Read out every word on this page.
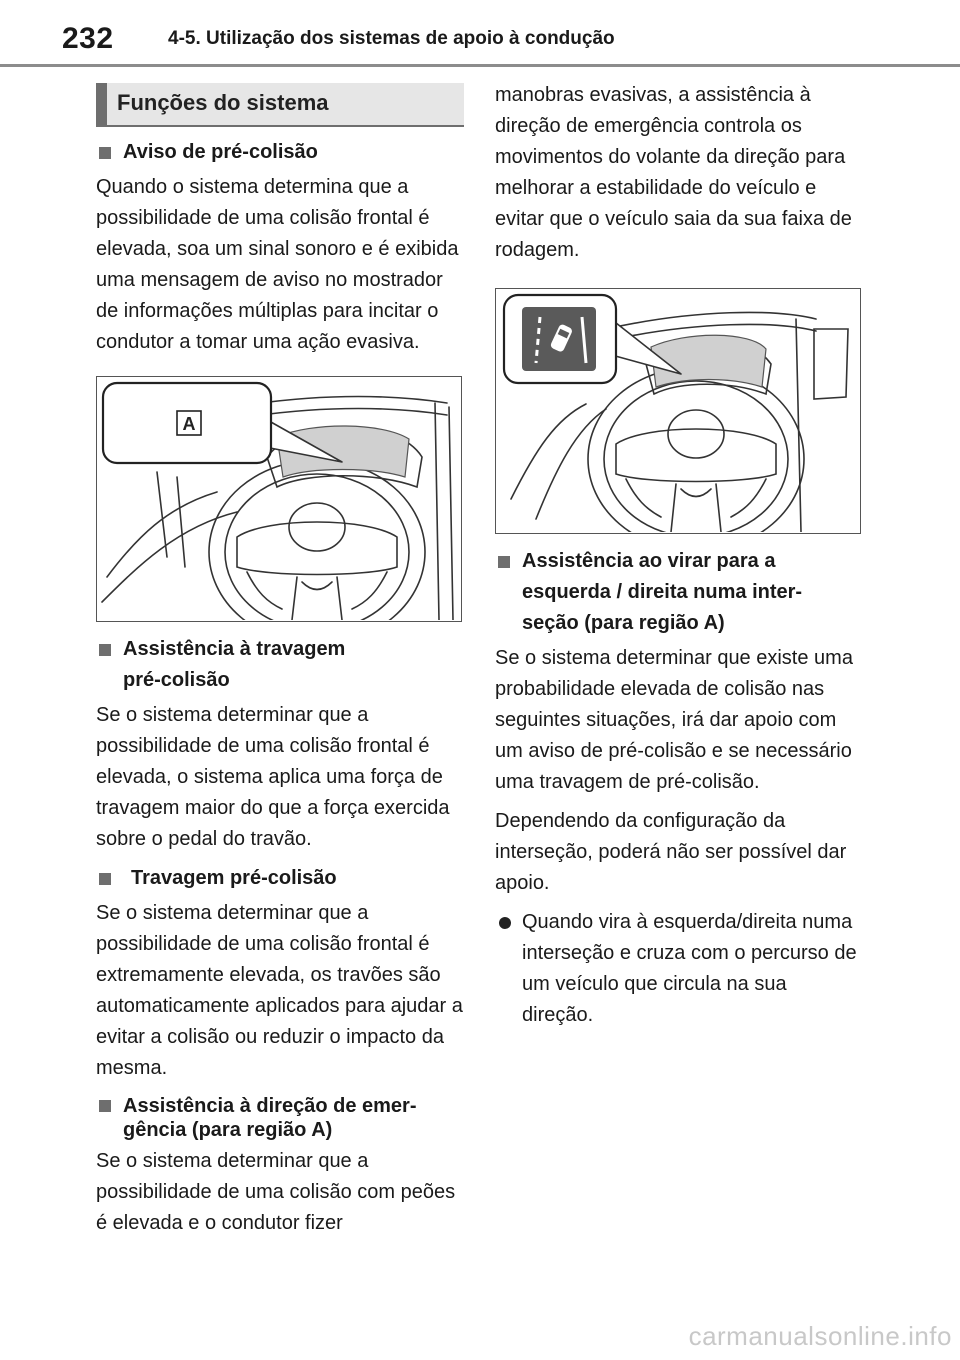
232	4-5. Utilização dos sistemas de apoio à condução
Funções do sistema
Aviso de pré-colisão

Quando o sistema determina que a possibilidade de uma colisão frontal é elevada, soa um sinal sonoro e é exibida uma mensagem de aviso no mostrador de informações múltiplas para incitar o condutor a tomar uma ação evasiva.

A
Assistência à travagem
pré-colisão

Se o sistema determinar que a possibilidade de uma colisão frontal é elevada, o sistema aplica uma força de travagem maior do que a força exercida sobre o pedal do travão.

Travagem pré-colisão

Se o sistema determinar que a possibilidade de uma colisão frontal é extremamente elevada, os travões são automaticamente aplicados para ajudar a evitar a colisão ou reduzir o impacto da mesma.

Assistência à direção de emer-
gência (para região A)

Se o sistema determinar que a possibilidade de uma colisão com peões é elevada e o condutor fizer

manobras evasivas, a assistência à direção de emergência controla os movimentos do volante da direção para melhorar a estabilidade do veículo e evitar que o veículo saia da sua faixa de rodagem.

Assistência ao virar para a
esquerda / direita numa inter-
seção (para região A)

Se o sistema determinar que existe uma probabilidade elevada de colisão nas seguintes situações, irá dar apoio com um aviso de pré-colisão e se necessário uma travagem de pré-colisão.

Dependendo da configuração da interseção, poderá não ser possível dar apoio.

Quando vira à esquerda/direita numa interseção e cruza com o percurso de um veículo que circula na sua direção.
carmanualsonline.info
